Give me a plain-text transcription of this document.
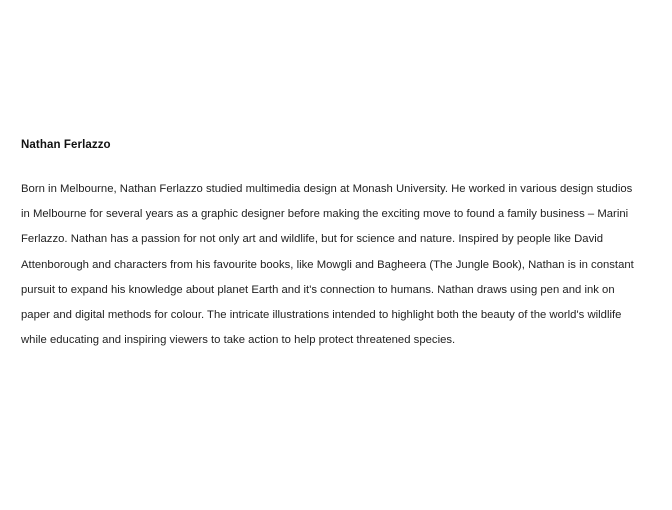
Nathan Ferlazzo

Born in Melbourne, Nathan Ferlazzo studied multimedia design at Monash University. He worked in various design studios in Melbourne for several years as a graphic designer before making the exciting move to found a family business – Marini Ferlazzo. Nathan has a passion for not only art and wildlife, but for science and nature. Inspired by people like David Attenborough and characters from his favourite books, like Mowgli and Bagheera (The Jungle Book), Nathan is in constant pursuit to expand his knowledge about planet Earth and it's connection to humans. Nathan draws using pen and ink on paper and digital methods for colour. The intricate illustrations intended to highlight both the beauty of the world's wildlife while educating and inspiring viewers to take action to help protect threatened species.
